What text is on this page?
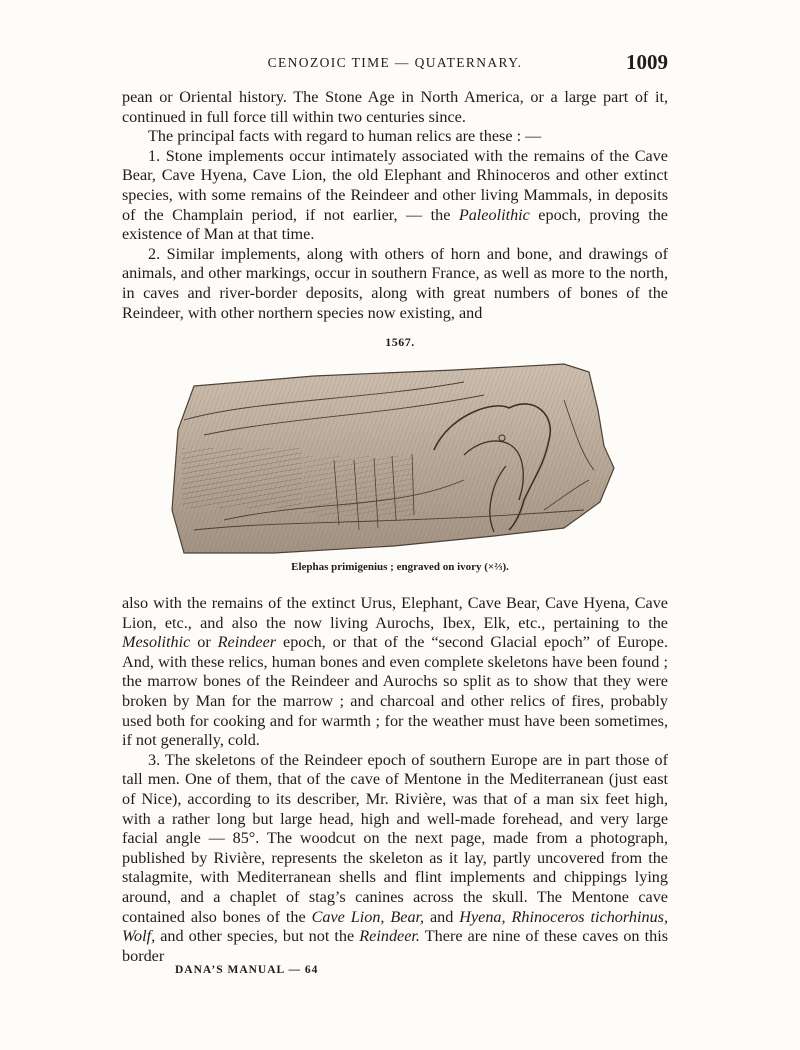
CENOZOIC TIME — QUATERNARY.	1009

pean or Oriental history. The Stone Age in North America, or a large part of it, continued in full force till within two centuries since.

The principal facts with regard to human relics are these : —

1. Stone implements occur intimately associated with the remains of the Cave Bear, Cave Hyena, Cave Lion, the old Elephant and Rhinoceros and other extinct species, with some remains of the Reindeer and other living Mammals, in deposits of the Champlain period, if not earlier, — the Paleolithic epoch, proving the existence of Man at that time.

2. Similar implements, along with others of horn and bone, and drawings of animals, and other markings, occur in southern France, as well as more to the north, in caves and river-border deposits, along with great numbers of bones of the Reindeer, with other northern species now existing, and

1567.
Elephas primigenius ; engraved on ivory (×⅔).

also with the remains of the extinct Urus, Elephant, Cave Bear, Cave Hyena, Cave Lion, etc., and also the now living Aurochs, Ibex, Elk, etc., pertaining to the Mesolithic or Reindeer epoch, or that of the “second Glacial epoch” of Europe. And, with these relics, human bones and even complete skeletons have been found ; the marrow bones of the Reindeer and Aurochs so split as to show that they were broken by Man for the marrow ; and charcoal and other relics of fires, probably used both for cooking and for warmth ; for the weather must have been sometimes, if not generally, cold.

3. The skeletons of the Reindeer epoch of southern Europe are in part those of tall men. One of them, that of the cave of Mentone in the Mediterranean (just east of Nice), according to its describer, Mr. Rivière, was that of a man six feet high, with a rather long but large head, high and well-made forehead, and very large facial angle — 85°. The woodcut on the next page, made from a photograph, published by Rivière, represents the skeleton as it lay, partly uncovered from the stalagmite, with Mediterranean shells and flint implements and chippings lying around, and a chaplet of stag’s canines across the skull. The Mentone cave contained also bones of the Cave Lion, Bear, and Hyena, Rhinoceros tichorhinus, Wolf, and other species, but not the Reindeer. There are nine of these caves on this border

DANA’S MANUAL — 64
